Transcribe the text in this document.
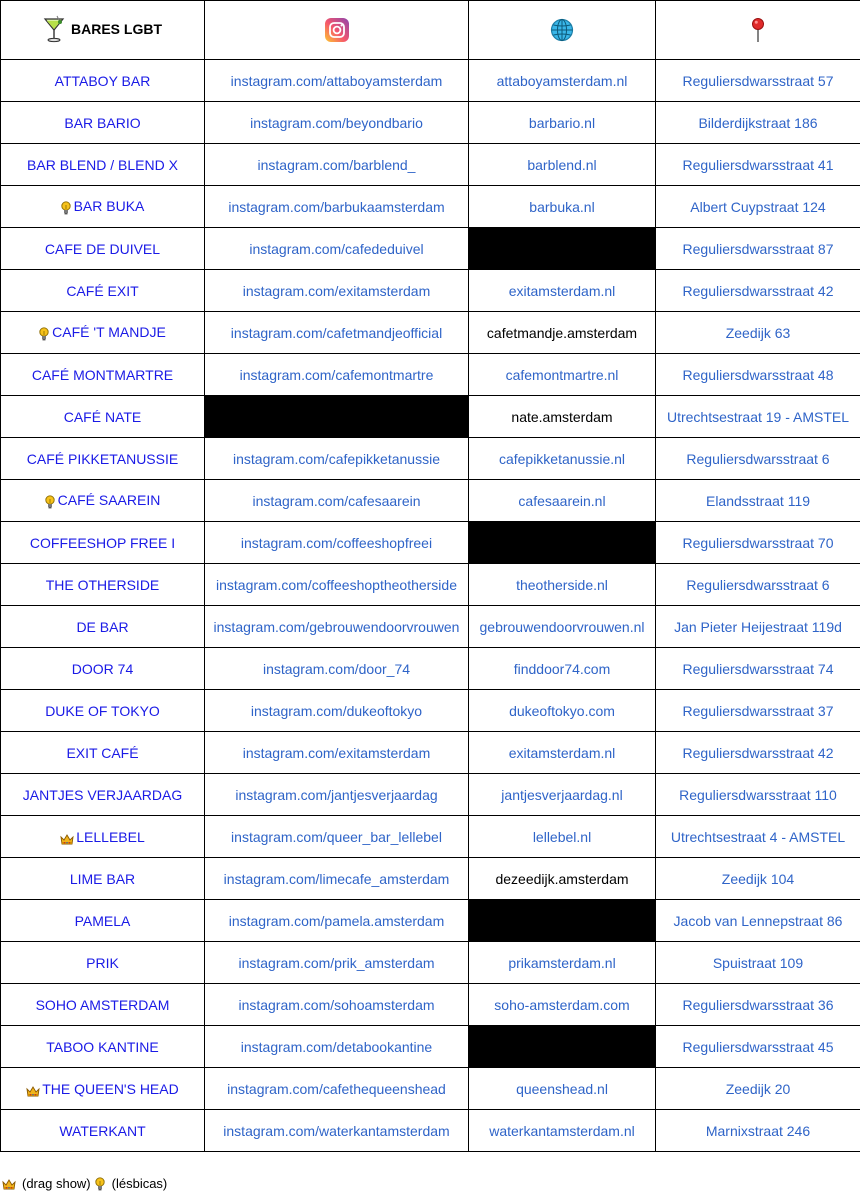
BARES LGBT

ATTABOY BAR	instagram.com/attaboyamsterdam	attaboyamsterdam.nl	Reguliersdwarsstraat 57
BAR BARIO	instagram.com/beyondbario	barbario.nl	Bilderdijkstraat 186
BAR BLEND / BLEND X	instagram.com/barblend_	barblend.nl	Reguliersdwarsstraat 41
BAR BUKA	instagram.com/barbukaamsterdam	barbuka.nl	Albert Cuypstraat 124
CAFE DE DUIVEL	instagram.com/cafededuivel		Reguliersdwarsstraat 87
CAFÉ EXIT	instagram.com/exitamsterdam	exitamsterdam.nl	Reguliersdwarsstraat 42
CAFÉ 'T MANDJE	instagram.com/cafetmandjeofficial	cafetmandje.amsterdam	Zeedijk 63
CAFÉ MONTMARTRE	instagram.com/cafemontmartre	cafemontmartre.nl	Reguliersdwarsstraat 48
CAFÉ NATE		nate.amsterdam	Utrechtsestraat 19 - AMSTEL
CAFÉ PIKKETANUSSIE	instagram.com/cafepikketanussie	cafepikketanussie.nl	Reguliersdwarsstraat 6
CAFÉ SAAREIN	instagram.com/cafesaarein	cafesaarein.nl	Elandsstraat 119
COFFEESHOP FREE I	instagram.com/coffeeshopfreei		Reguliersdwarsstraat 70
THE OTHERSIDE	instagram.com/coffeeshoptheotherside	theotherside.nl	Reguliersdwarsstraat 6
DE BAR	instagram.com/gebrouwendoorvrouwen	gebrouwendoorvrouwen.nl	Jan Pieter Heijestraat 119d
DOOR 74	instagram.com/door_74	finddoor74.com	Reguliersdwarsstraat 74
DUKE OF TOKYO	instagram.com/dukeoftokyo	dukeoftokyo.com	Reguliersdwarsstraat 37
EXIT CAFÉ	instagram.com/exitamsterdam	exitamsterdam.nl	Reguliersdwarsstraat 42
JANTJES VERJAARDAG	instagram.com/jantjesverjaardag	jantjesverjaardag.nl	Reguliersdwarsstraat 110
LELLEBEL	instagram.com/queer_bar_lellebel	lellebel.nl	Utrechtsestraat 4 - AMSTEL
LIME BAR	instagram.com/limecafe_amsterdam	dezeedijk.amsterdam	Zeedijk 104
PAMELA	instagram.com/pamela.amsterdam		Jacob van Lennepstraat 86
PRIK	instagram.com/prik_amsterdam	prikamsterdam.nl	Spuistraat 109
SOHO AMSTERDAM	instagram.com/sohoamsterdam	soho-amsterdam.com	Reguliersdwarsstraat 36
TABOO KANTINE	instagram.com/detabookantine		Reguliersdwarsstraat 45
THE QUEEN'S HEAD	instagram.com/cafethequeenshead	queenshead.nl	Zeedijk 20
WATERKANT	instagram.com/waterkantamsterdam	waterkantamsterdam.nl	Marnixstraat 246
(drag show) (lésbicas)
